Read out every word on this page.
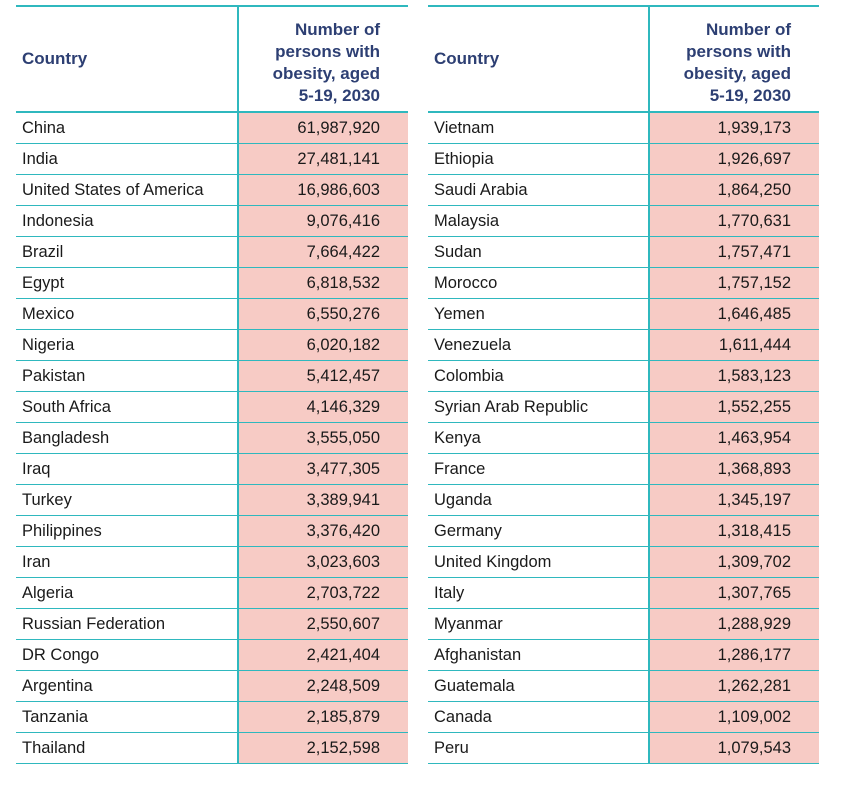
Country	Number of
persons with
obesity, aged
5-19, 2030
China	61,987,920
India	27,481,141
United States of America	16,986,603
Indonesia	9,076,416
Brazil	7,664,422
Egypt	6,818,532
Mexico	6,550,276
Nigeria	6,020,182
Pakistan	5,412,457
South Africa	4,146,329
Bangladesh	3,555,050
Iraq	3,477,305
Turkey	3,389,941
Philippines	3,376,420
Iran	3,023,603
Algeria	2,703,722
Russian Federation	2,550,607
DR Congo	2,421,404
Argentina	2,248,509
Tanzania	2,185,879
Thailand	2,152,598
Country	Number of
persons with
obesity, aged
5-19, 2030
Vietnam	1,939,173
Ethiopia	1,926,697
Saudi Arabia	1,864,250
Malaysia	1,770,631
Sudan	1,757,471
Morocco	1,757,152
Yemen	1,646,485
Venezuela	1,611,444
Colombia	1,583,123
Syrian Arab Republic	1,552,255
Kenya	1,463,954
France	1,368,893
Uganda	1,345,197
Germany	1,318,415
United Kingdom	1,309,702
Italy	1,307,765
Myanmar	1,288,929
Afghanistan	1,286,177
Guatemala	1,262,281
Canada	1,109,002
Peru	1,079,543
